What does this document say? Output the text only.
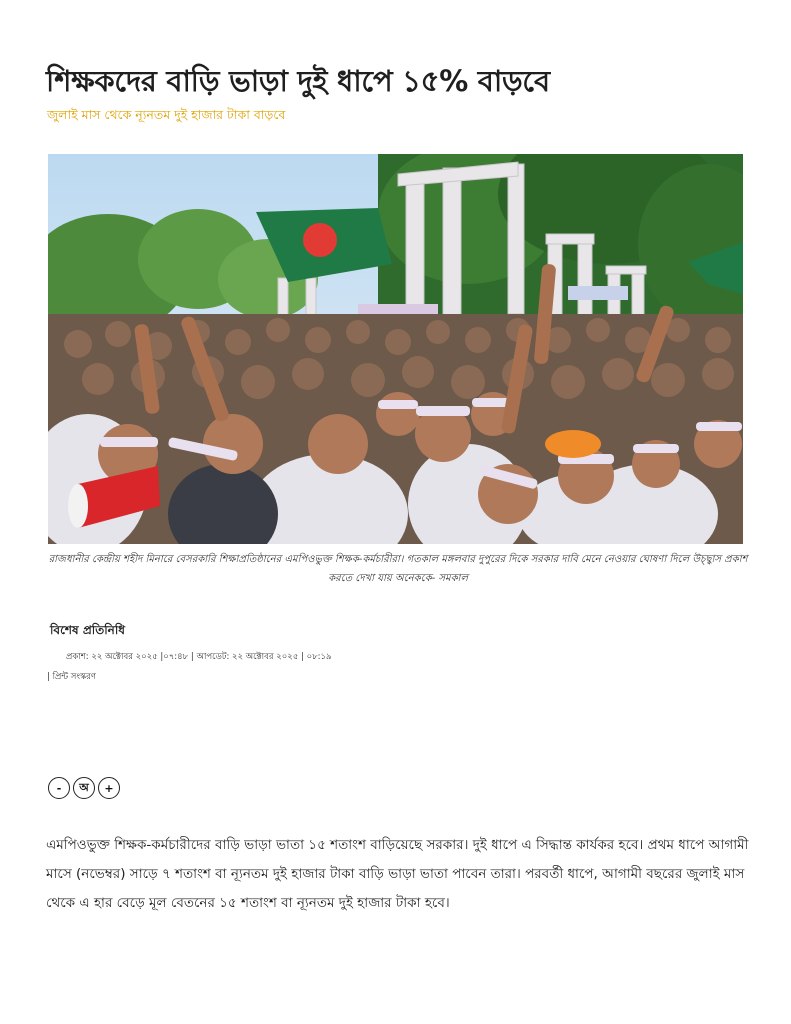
শিক্ষকদের বাড়ি ভাড়া দুই ধাপে ১৫% বাড়বে
জুলাই মাস থেকে ন্যূনতম দুই হাজার টাকা বাড়বে
রাজধানীর কেন্দ্রীয় শহীদ মিনারে বেসরকারি শিক্ষাপ্রতিষ্ঠানের এমপিওভুক্ত শিক্ষক-কর্মচারীরা। গতকাল মঙ্গলবার দুপুরের দিকে সরকার দাবি মেনে নেওয়ার ঘোষণা দিলে উচ্ছ্বাস প্রকাশ করতে দেখা যায় অনেককে- সমকাল
বিশেষ প্রতিনিধি
প্রকাশ: ২২ অক্টোবর ২০২৫ |০৭:৪৮ | আপডেট: ২২ অক্টোবর ২০২৫ | ০৮:১৯
| প্রিন্ট সংস্করণ
-	অ	+

এমপিওভুক্ত শিক্ষক-কর্মচারীদের বাড়ি ভাড়া ভাতা ১৫ শতাংশ বাড়িয়েছে সরকার। দুই ধাপে এ সিদ্ধান্ত কার্যকর হবে। প্রথম ধাপে আগামী মাসে (নভেম্বর) সাড়ে ৭ শতাংশ বা ন্যূনতম দুই হাজার টাকা বাড়ি ভাড়া ভাতা পাবেন তারা। পরবর্তী ধাপে, আগামী বছরের জুলাই মাস থেকে এ হার বেড়ে মূল বেতনের ১৫ শতাংশ বা ন্যূনতম দুই হাজার টাকা হবে।
